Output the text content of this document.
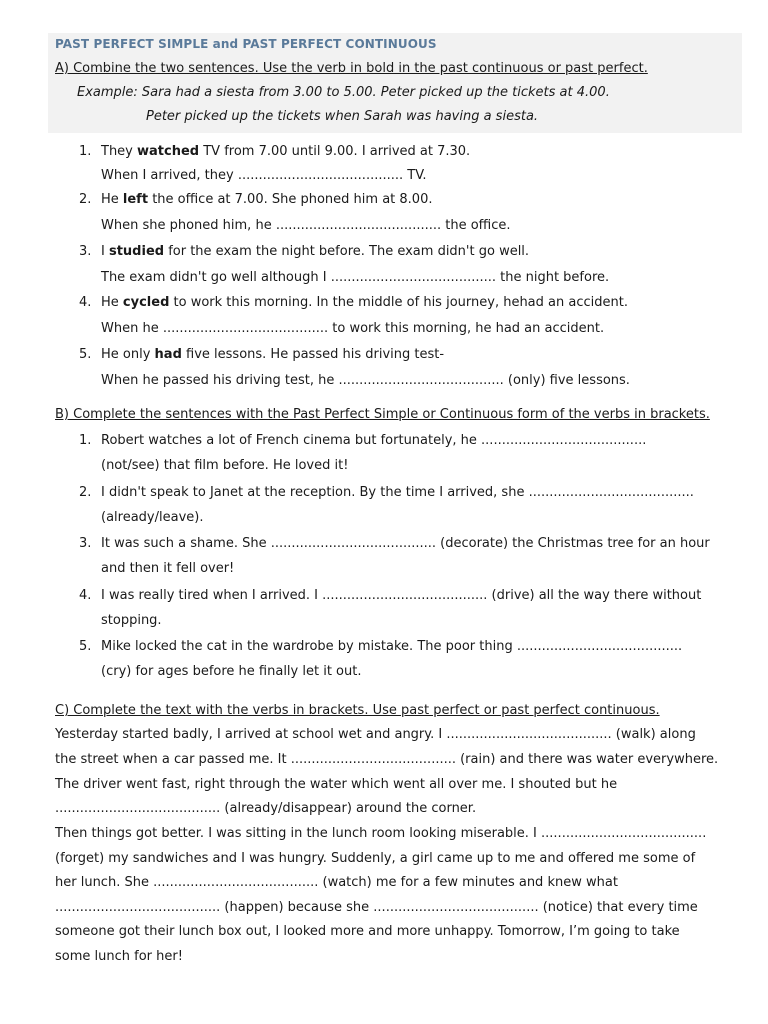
PAST PERFECT SIMPLE and PAST PERFECT CONTINUOUS
A) Combine the two sentences. Use the verb in bold in the past continuous or past perfect.
Example: Sara had a siesta from 3.00 to 5.00. Peter picked up the tickets at 4.00.
Peter picked up the tickets when Sarah was having a siesta.
1. They watched TV from 7.00 until 9.00. I arrived at 7.30.
When I arrived, they ........................................ TV.
2. He left the office at 7.00. She phoned him at 8.00.
When she phoned him, he ........................................ the office.
3. I studied for the exam the night before. The exam didn't go well.
The exam didn't go well although I ........................................ the night before.
4. He cycled to work this morning. In the middle of his journey, hehad an accident.
When he ........................................ to work this morning, he had an accident.
5. He only had five lessons. He passed his driving test-
When he passed his driving test, he ........................................ (only) five lessons.
B) Complete the sentences with the Past Perfect Simple or Continuous form of the verbs in brackets.
1. Robert watches a lot of French cinema but fortunately, he ........................................
(not/see) that film before. He loved it!
2. I didn't speak to Janet at the reception. By the time I arrived, she ........................................
(already/leave).
3. It was such a shame. She ........................................ (decorate) the Christmas tree for an hour
and then it fell over!
4. I was really tired when I arrived. I ........................................ (drive) all the way there without
stopping.
5. Mike locked the cat in the wardrobe by mistake. The poor thing ........................................
(cry) for ages before he finally let it out.
C) Complete the text with the verbs in brackets. Use past perfect or past perfect continuous.
Yesterday started badly, I arrived at school wet and angry. I ........................................ (walk) along
the street when a car passed me. It ........................................ (rain) and there was water everywhere.
The driver went fast, right through the water which went all over me. I shouted but he
........................................ (already/disappear) around the corner.
Then things got better. I was sitting in the lunch room looking miserable. I ........................................
(forget) my sandwiches and I was hungry. Suddenly, a girl came up to me and offered me some of
her lunch. She ........................................ (watch) me for a few minutes and knew what
........................................ (happen) because she ........................................ (notice) that every time
someone got their lunch box out, I looked more and more unhappy. Tomorrow, I’m going to take
some lunch for her!
